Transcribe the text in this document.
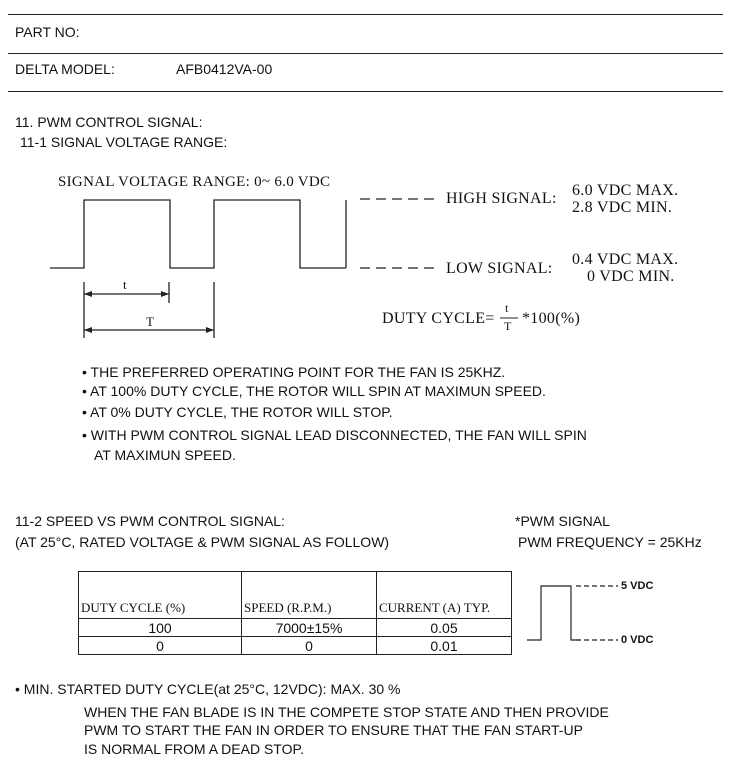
PART NO:
DELTA MODEL:	AFB0412VA-00
11. PWM CONTROL SIGNAL:
11-1 SIGNAL VOLTAGE RANGE:
SIGNAL VOLTAGE RANGE: 0~ 6.0 VDC
HIGH SIGNAL: 6.0 VDC MAX.
2.8 VDC MIN.
LOW SIGNAL:
0.4 VDC MAX.
0 VDC MIN.
t
T	DUTY CYCLE=
t
T *100(%)
• THE PREFERRED OPERATING POINT FOR THE FAN IS 25KHZ.
• AT 100% DUTY CYCLE, THE ROTOR WILL SPIN AT MAXIMUN SPEED.
• AT 0% DUTY CYCLE, THE ROTOR WILL STOP.
• WITH PWM CONTROL SIGNAL LEAD DISCONNECTED, THE FAN WILL SPIN
AT MAXIMUN SPEED.
11-2 SPEED VS PWM CONTROL SIGNAL:
(AT 25°C, RATED VOLTAGE & PWM SIGNAL AS FOLLOW)
*PWM SIGNAL
PWM FREQUENCY = 25KHz
DUTY CYCLE (%)	SPEED (R.P.M.)	CURRENT (A) TYP.
100	7000±15%	0.05
0	0	0.01
5 VDC
0 VDC
• MIN. STARTED DUTY CYCLE(at 25°C, 12VDC): MAX. 30 %
WHEN THE FAN BLADE IS IN THE COMPETE STOP STATE AND THEN PROVIDE
PWM TO START THE FAN IN ORDER TO ENSURE THAT THE FAN START-UP
IS NORMAL FROM A DEAD STOP.
